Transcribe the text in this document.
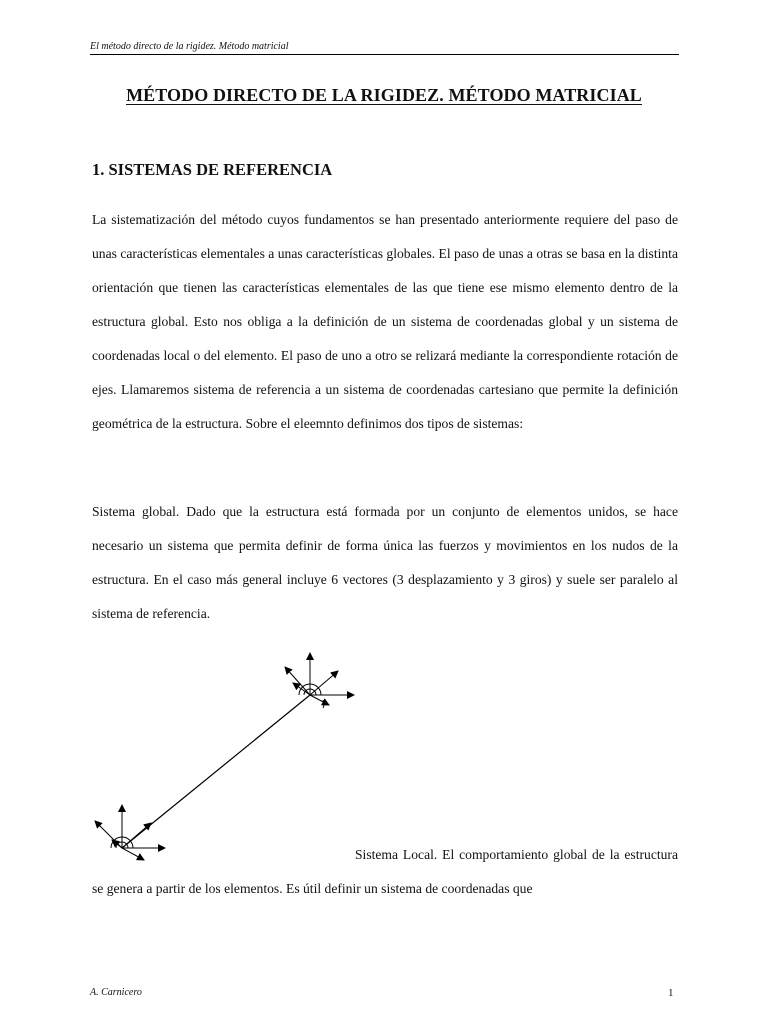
El método directo de la rigidez. Método matricial
MÉTODO DIRECTO DE LA RIGIDEZ. MÉTODO MATRICIAL
1. SISTEMAS DE REFERENCIA

La sistematización del método cuyos fundamentos se han presentado anteriormente requiere del paso de unas características elementales a unas características globales. El paso de unas a otras se basa en la distinta orientación que tienen las características elementales de las que tiene ese mismo elemento dentro de la estructura global. Esto nos obliga a la definición de un sistema de coordenadas global y un sistema de coordenadas local o del elemento. El paso de uno a otro se relizará mediante la correspondiente rotación de ejes. Llamaremos sistema de referencia a un sistema de coordenadas cartesiano que permite la definición geométrica de la estructura. Sobre el eleemnto definimos dos tipos de sistemas:

Sistema global. Dado que la estructura está formada por un conjunto de elementos unidos, se hace necesario un sistema que permita definir de forma única las fuerzos y movimientos en los nudos de la estructura. En el caso más general incluye 6 vectores (3 desplazamiento y 3 giros) y suele ser paralelo al sistema de referencia.

Sistema Local. El comportamiento global de la estructura se genera a partir de los elementos. Es útil definir un sistema de coordenadas que

A. Carnicero	1
